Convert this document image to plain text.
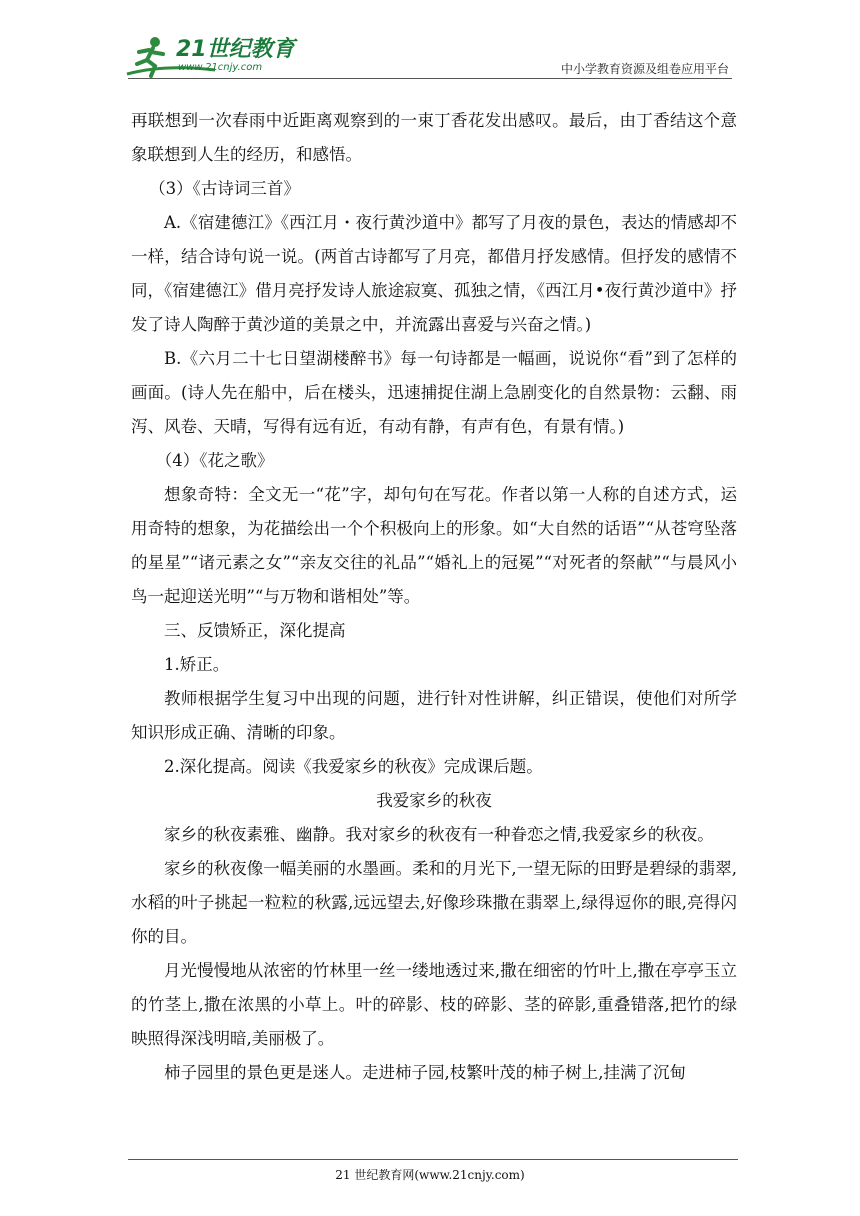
21世纪教育
www.21cnjy.com	中小学教育资源及组卷应用平台

再联想到一次春雨中近距离观察到的一束丁香花发出感叹。最后，由丁香结这个意象联想到人生的经历，和感悟。

（3）《古诗词三首》

A.《宿建德江》《西江月・夜行黄沙道中》都写了月夜的景色，表达的情感却不一样，结合诗句说一说。(两首古诗都写了月亮，都借月抒发感情。但抒发的感情不同，《宿建德江》借月亮抒发诗人旅途寂寞、孤独之情，《西江月•夜行黄沙道中》抒发了诗人陶醉于黄沙道的美景之中，并流露出喜爱与兴奋之情。)

B.《六月二十七日望湖楼醉书》每一句诗都是一幅画，说说你“看”到了怎样的画面。(诗人先在船中，后在楼头，迅速捕捉住湖上急剧变化的自然景物：云翻、雨泻、风卷、天晴，写得有远有近，有动有静，有声有色，有景有情。)

（4）《花之歌》

想象奇特：全文无一“花”字，却句句在写花。作者以第一人称的自述方式，运用奇特的想象，为花描绘出一个个积极向上的形象。如“大自然的话语”“从苍穹坠落的星星”“诸元素之女”“亲友交往的礼品”“婚礼上的冠冕”“对死者的祭献”“与晨风小鸟一起迎送光明”“与万物和谐相处”等。

三、反馈矫正，深化提高

1.矫正。

教师根据学生复习中出现的问题，进行针对性讲解，纠正错误，使他们对所学知识形成正确、清晰的印象。

2.深化提高。阅读《我爱家乡的秋夜》完成课后题。

我爱家乡的秋夜

家乡的秋夜素雅、幽静。我对家乡的秋夜有一种眷恋之情,我爱家乡的秋夜。

家乡的秋夜像一幅美丽的水墨画。柔和的月光下,一望无际的田野是碧绿的翡翠,水稻的叶子挑起一粒粒的秋露,远远望去,好像珍珠撒在翡翠上,绿得逗你的眼,亮得闪你的目。

月光慢慢地从浓密的竹林里一丝一缕地透过来,撒在细密的竹叶上,撒在亭亭玉立的竹茎上,撒在浓黑的小草上。叶的碎影、枝的碎影、茎的碎影,重叠错落,把竹的绿映照得深浅明暗,美丽极了。

柿子园里的景色更是迷人。走进柿子园,枝繁叶茂的柿子树上,挂满了沉甸

21 世纪教育网(www.21cnjy.com)
